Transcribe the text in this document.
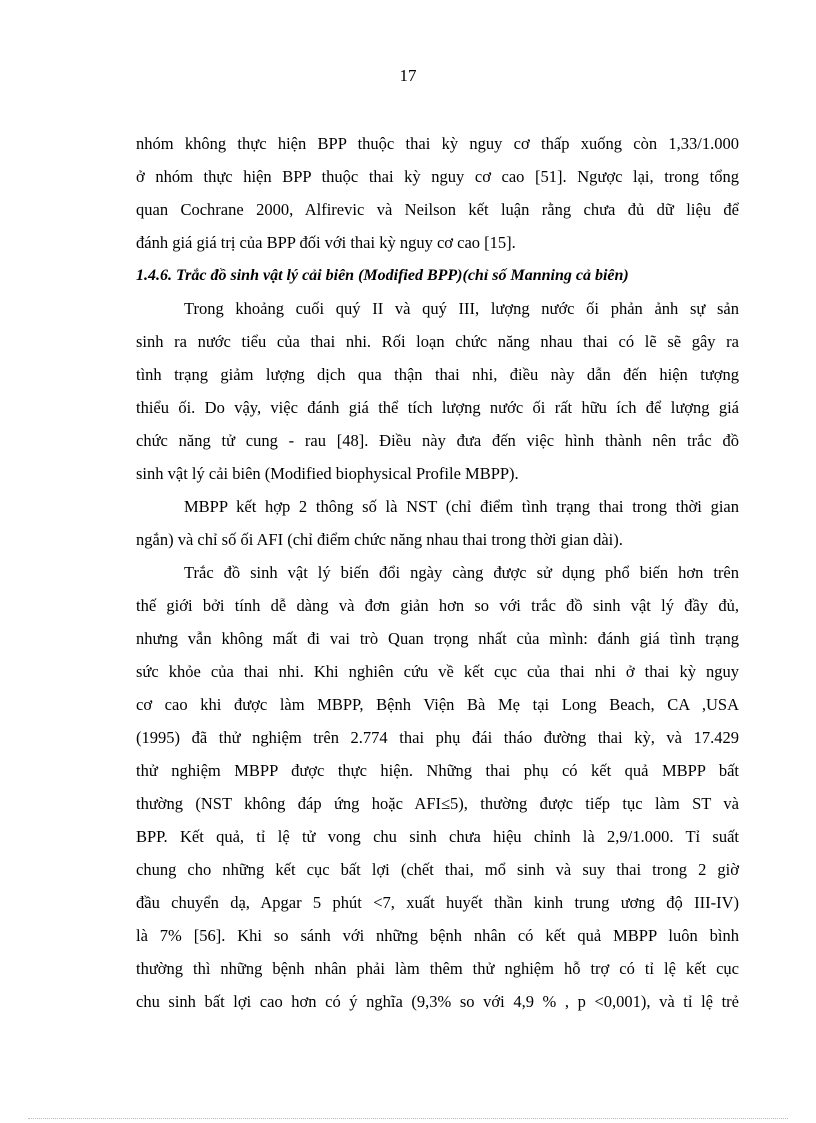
17
nhóm không thực hiện BPP thuộc thai kỳ nguy cơ thấp xuống còn 1,33/1.000
ở nhóm thực hiện BPP thuộc thai kỳ nguy cơ cao [51]. Ngược lại, trong tổng
quan Cochrane 2000, Alfirevic và Neilson kết luận rằng chưa đủ dữ liệu để
đánh giá giá trị của BPP đối với thai kỳ nguy cơ cao [15].
1.4.6. Trắc đồ sinh vật lý cải biên (Modified BPP)(chỉ số Manning cả biên)
Trong khoảng cuối quý II và quý III, lượng nước ối phản ảnh sự sản
sinh ra nước tiểu của thai nhi. Rối loạn chức năng nhau thai có lẽ sẽ gây ra
tình trạng giảm lượng dịch qua thận thai nhi, điều này dẫn đến hiện tượng
thiểu ối. Do vậy, việc đánh giá thể tích lượng nước ối rất hữu ích để lượng giá
chức năng tử cung - rau [48]. Điều này đưa đến việc hình thành nên trắc đồ
sinh vật lý cải biên (Modified biophysical Profile MBPP).
MBPP kết hợp 2 thông số là NST (chỉ điểm tình trạng thai trong thời gian
ngắn) và chỉ số ối AFI (chỉ điểm chức năng nhau thai trong thời gian dài).
Trắc đồ sinh vật lý biến đổi ngày càng được sử dụng phổ biến hơn trên
thế giới bởi tính dễ dàng và đơn giản hơn so với trắc đồ sinh vật lý đầy đủ,
nhưng vẫn không mất đi vai trò Quan trọng nhất của mình: đánh giá tình trạng
sức khỏe của thai nhi. Khi nghiên cứu về kết cục của thai nhi ở thai kỳ nguy
cơ cao khi được làm MBPP, Bệnh Viện Bà Mẹ tại Long Beach, CA ,USA
(1995) đã thử nghiệm trên 2.774 thai phụ đái tháo đường thai kỳ, và 17.429
thử nghiệm MBPP được thực hiện. Những thai phụ có kết quả MBPP bất
thường (NST không đáp ứng hoặc AFI≤5), thường được tiếp tục làm ST và
BPP. Kết quả, tỉ lệ tử vong chu sinh chưa hiệu chỉnh là 2,9/1.000. Tỉ suất
chung cho những kết cục bất lợi (chết thai, mổ sinh và suy thai trong 2 giờ
đầu chuyển dạ, Apgar 5 phút <7, xuất huyết thần kinh trung ương độ III-IV)
là 7% [56]. Khi so sánh với những bệnh nhân có kết quả MBPP luôn bình
thường thì những bệnh nhân phải làm thêm thử nghiệm hỗ trợ có tỉ lệ kết cục
chu sinh bất lợi cao hơn có ý nghĩa (9,3% so với 4,9 % , p <0,001), và tỉ lệ trẻ
